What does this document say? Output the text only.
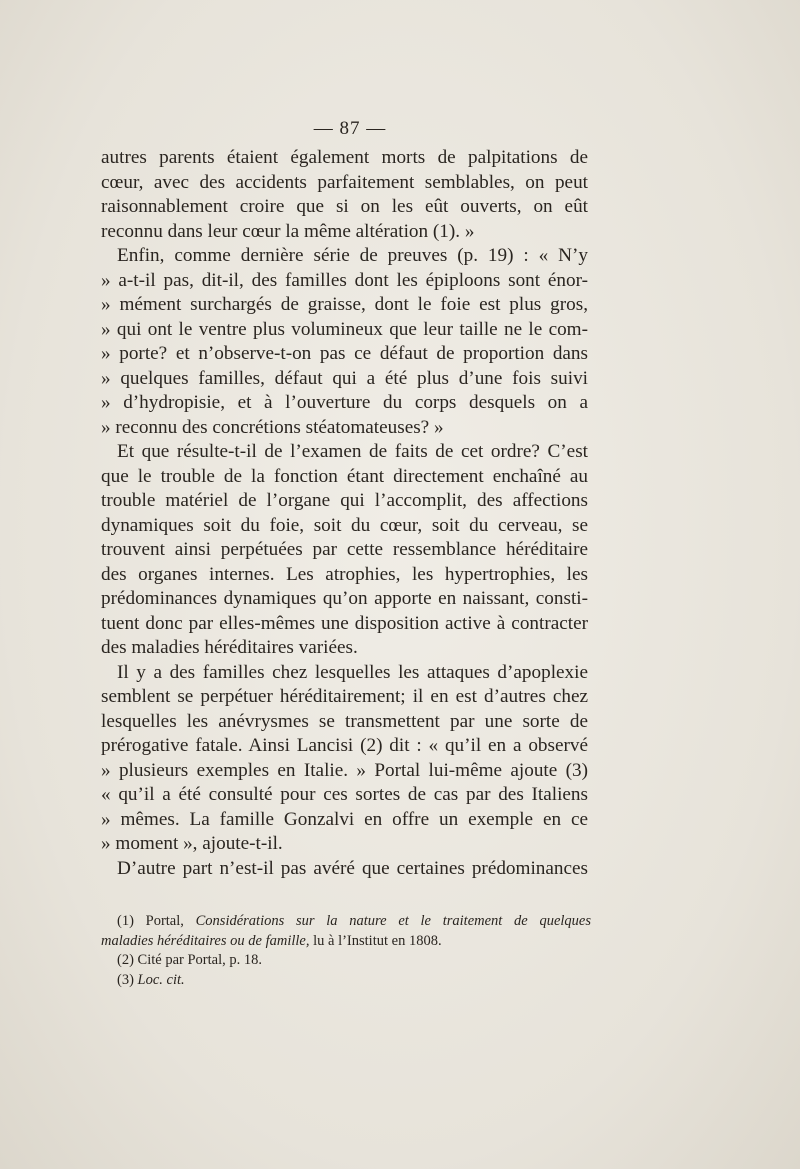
— 87 —
autres parents étaient également morts de palpitations de
cœur, avec des accidents parfaitement semblables, on peut
raisonnablement croire que si on les eût ouverts, on eût
reconnu dans leur cœur la même altération (1). »
Enfin, comme dernière série de preuves (p. 19) : « N’y
» a-t-il pas, dit-il, des familles dont les épiploons sont énor-
» mément surchargés de graisse, dont le foie est plus gros,
» qui ont le ventre plus volumineux que leur taille ne le com-
» porte? et n’observe-t-on pas ce défaut de proportion dans
» quelques familles, défaut qui a été plus d’une fois suivi
» d’hydropisie, et à l’ouverture du corps desquels on a
» reconnu des concrétions stéatomateuses? »
Et que résulte-t-il de l’examen de faits de cet ordre? C’est
que le trouble de la fonction étant directement enchaîné au
trouble matériel de l’organe qui l’accomplit, des affections
dynamiques soit du foie, soit du cœur, soit du cerveau, se
trouvent ainsi perpétuées par cette ressemblance héréditaire
des organes internes. Les atrophies, les hypertrophies, les
prédominances dynamiques qu’on apporte en naissant, consti-
tuent donc par elles-mêmes une disposition active à contracter
des maladies héréditaires variées.
Il y a des familles chez lesquelles les attaques d’apoplexie
semblent se perpétuer héréditairement; il en est d’autres chez
lesquelles les anévrysmes se transmettent par une sorte de
prérogative fatale. Ainsi Lancisi (2) dit : « qu’il en a observé
» plusieurs exemples en Italie. » Portal lui-même ajoute (3)
« qu’il a été consulté pour ces sortes de cas par des Italiens
» mêmes. La famille Gonzalvi en offre un exemple en ce
» moment », ajoute-t-il.
D’autre part n’est-il pas avéré que certaines prédominances
(1) Portal, Considérations sur la nature et le traitement de quelques
maladies héréditaires ou de famille, lu à l’Institut en 1808.
(2) Cité par Portal, p. 18.
(3) Loc. cit.
